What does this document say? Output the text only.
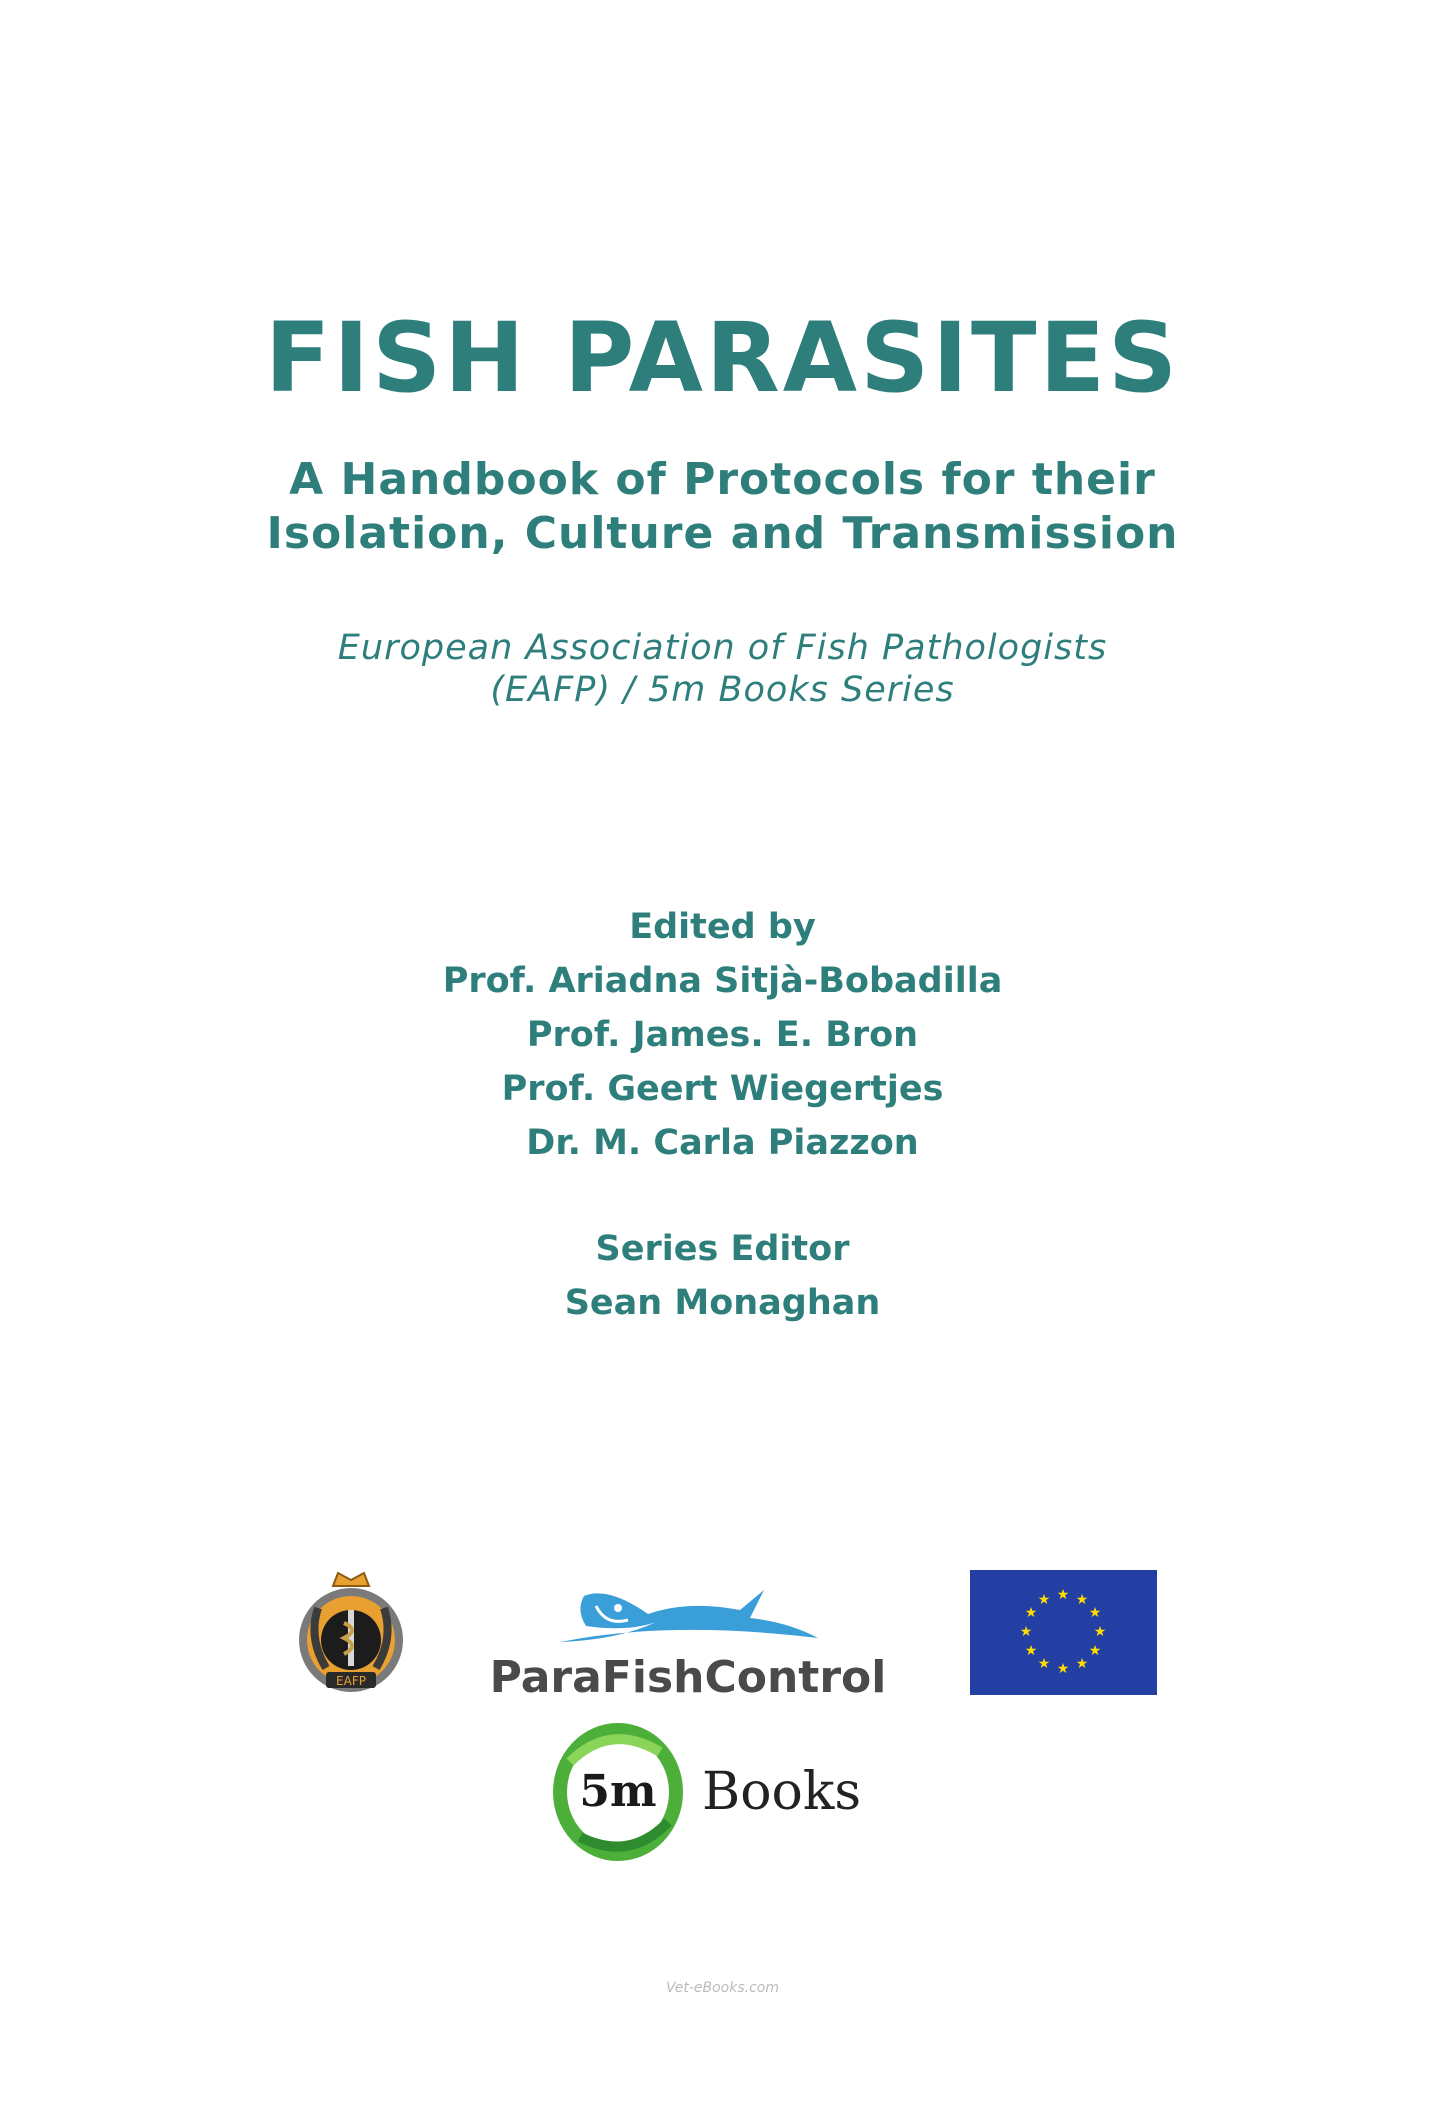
FISH PARASITES
A Handbook of Protocols for their
Isolation, Culture and Transmission
European Association of Fish Pathologists
(EAFP) / 5m Books Series
Edited by
Prof. Ariadna Sitjà-Bobadilla
Prof. James. E. Bron
Prof. Geert Wiegertjes
Dr. M. Carla Piazzon
Series Editor
Sean Monaghan
EAFP	ParaFishControl
★ ★
★
★
★
★
★
★
★
★
★
★
5m Books
Vet-eBooks.com
